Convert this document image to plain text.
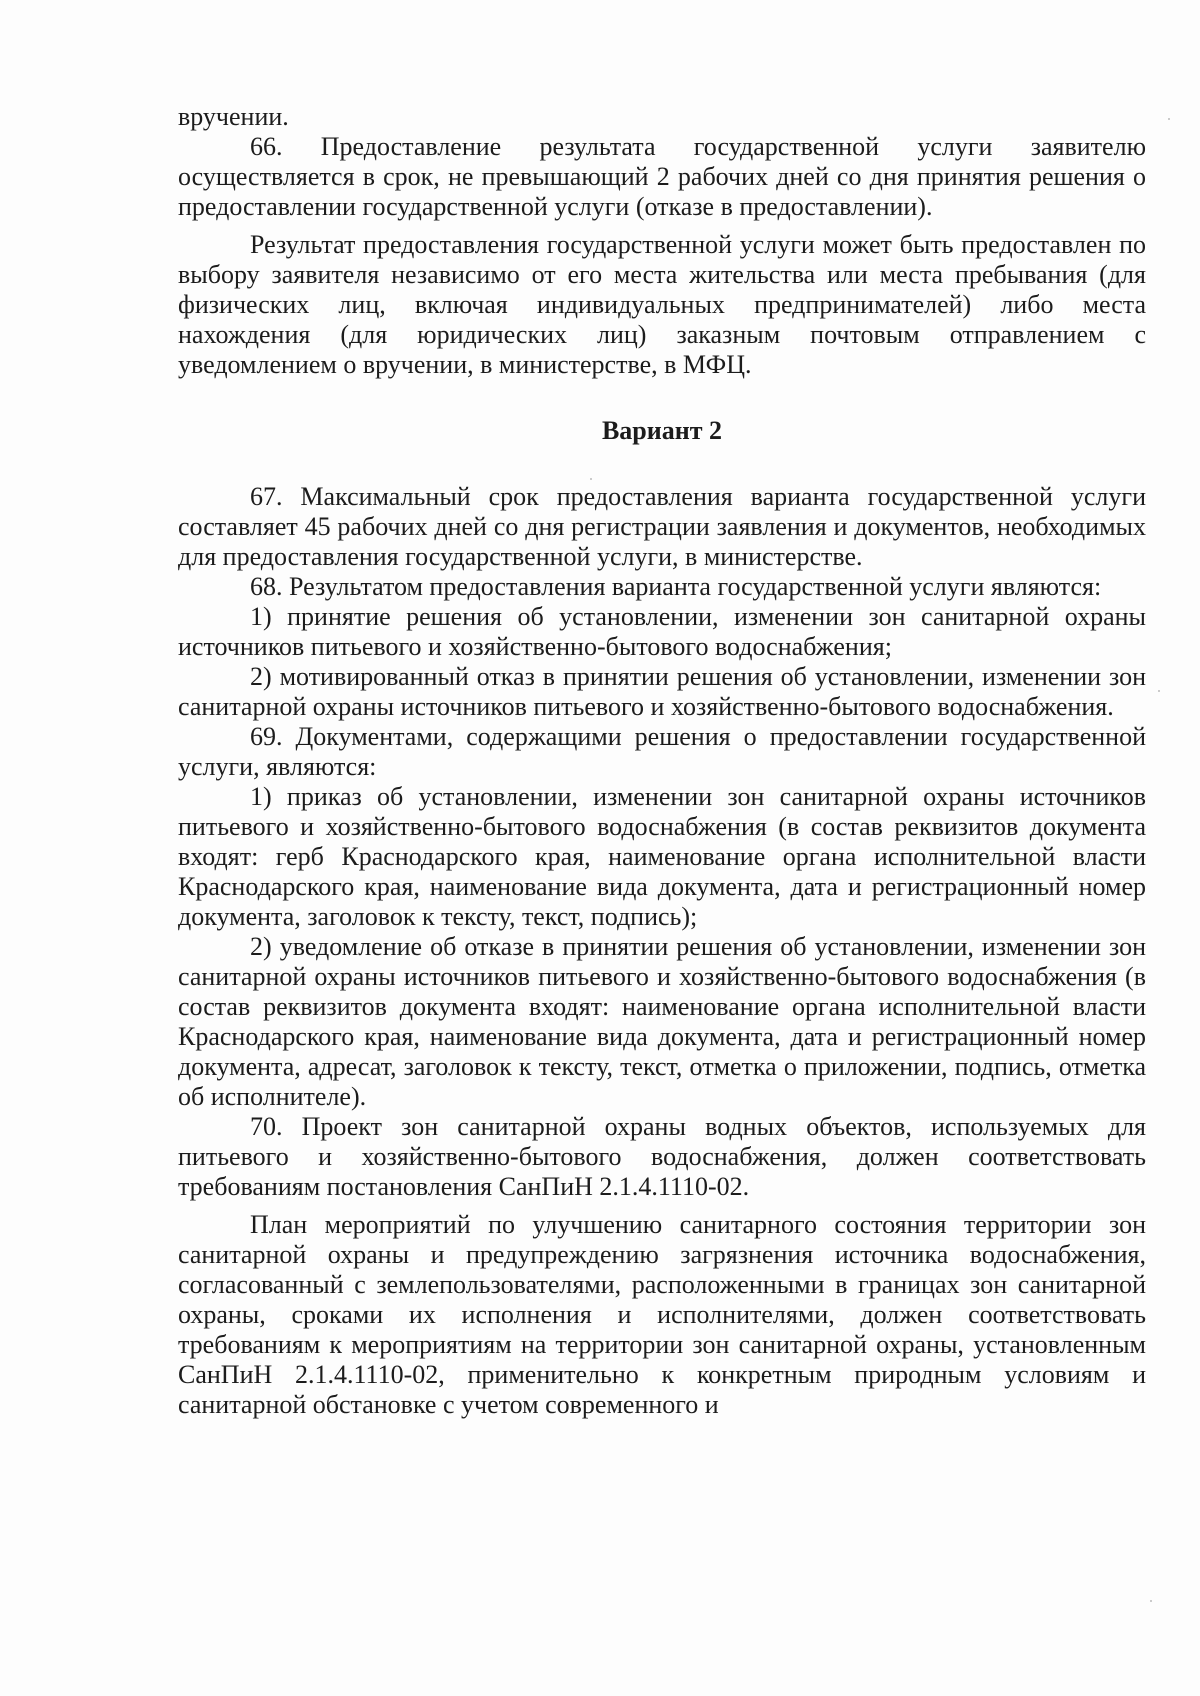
вручении.

66. Предоставление результата государственной услуги заявителю осуществляется в срок, не превышающий 2 рабочих дней со дня принятия решения о предоставлении государственной услуги (отказе в предоставлении).

Результат предоставления государственной услуги может быть предоставлен по выбору заявителя независимо от его места жительства или места пребывания (для физических лиц, включая индивидуальных предпринимателей) либо места нахождения (для юридических лиц) заказным почтовым отправлением с уведомлением о вручении, в министерстве, в МФЦ.

Вариант 2

67. Максимальный срок предоставления варианта государственной услуги составляет 45 рабочих дней со дня регистрации заявления и документов, необходимых для предоставления государственной услуги, в министерстве.

68. Результатом предоставления варианта государственной услуги являются:

1) принятие решения об установлении, изменении зон санитарной охраны источников питьевого и хозяйственно-бытового водоснабжения;

2) мотивированный отказ в принятии решения об установлении, изменении зон санитарной охраны источников питьевого и хозяйственно-бытового водоснабжения.

69. Документами, содержащими решения о предоставлении государственной услуги, являются:

1) приказ об установлении, изменении зон санитарной охраны источников питьевого и хозяйственно-бытового водоснабжения (в состав реквизитов документа входят: герб Краснодарского края, наименование органа исполнительной власти Краснодарского края, наименование вида документа, дата и регистрационный номер документа, заголовок к тексту, текст, подпись);

2) уведомление об отказе в принятии решения об установлении, изменении зон санитарной охраны источников питьевого и хозяйственно-бытового водоснабжения (в состав реквизитов документа входят: наименование органа исполнительной власти Краснодарского края, наименование вида документа, дата и регистрационный номер документа, адресат, заголовок к тексту, текст, отметка о приложении, подпись, отметка об исполнителе).

70. Проект зон санитарной охраны водных объектов, используемых для питьевого и хозяйственно-бытового водоснабжения, должен соответствовать требованиям постановления СанПиН 2.1.4.1110-02.

План мероприятий по улучшению санитарного состояния территории зон санитарной охраны и предупреждению загрязнения источника водоснабжения, согласованный с землепользователями, расположенными в границах зон санитарной охраны, сроками их исполнения и исполнителями, должен соответствовать требованиям к мероприятиям на территории зон санитарной охраны, установленным СанПиН 2.1.4.1110-02, применительно к конкретным природным условиям и санитарной обстановке с учетом современного и
